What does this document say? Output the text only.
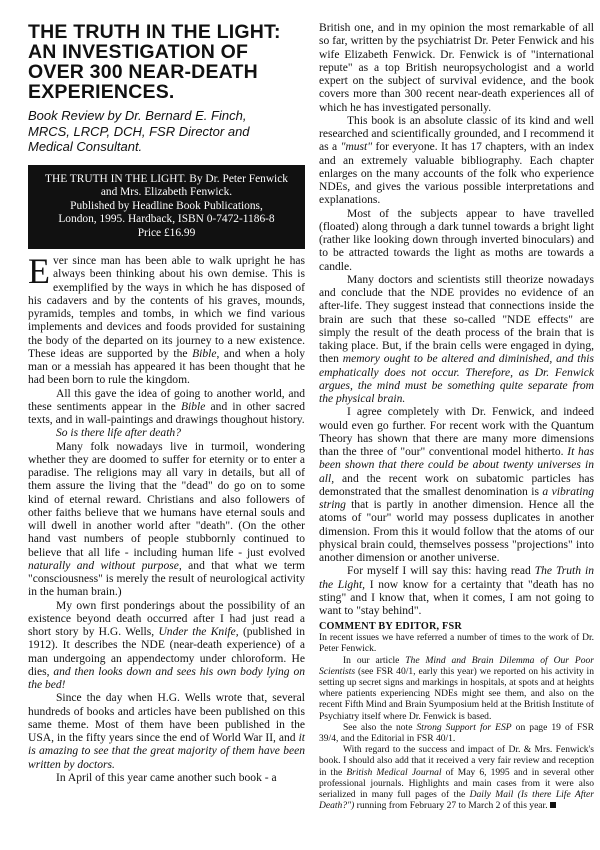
THE TRUTH IN THE LIGHT:
AN INVESTIGATION OF
OVER 300 NEAR-DEATH
EXPERIENCES.
Book Review by Dr. Bernard E. Finch,
MRCS, LRCP, DCH, FSR Director and
Medical Consultant.
THE TRUTH IN THE LIGHT. By Dr. Peter Fenwick
and Mrs. Elizabeth Fenwick.
Published by Headline Book Publications,
London, 1995. Hardback, ISBN 0-7472-1186-8
Price £16.99

Ever since man has been able to walk upright he has always been thinking about his own demise. This is exemplified by the ways in which he has disposed of his cadavers and by the contents of his graves, mounds, pyramids, temples and tombs, in which we find various implements and devices and foods provided for sustaining the body of the departed on its journey to a new existence. These ideas are supported by the Bible, and when a holy man or a messiah has appeared it has been thought that he had been born to rule the kingdom.

All this gave the idea of going to another world, and these sentiments appear in the Bible and in other sacred texts, and in wall-paintings and drawings thoughout history.

So is there life after death?

Many folk nowadays live in turmoil, wondering whether they are doomed to suffer for eternity or to enter a paradise. The religions may all vary in details, but all of them assure the living that the "dead" do go on to some kind of eternal reward. Christians and also followers of other faiths believe that we humans have eternal souls and will dwell in another world after "death". (On the other hand vast numbers of people stubbornly continued to believe that all life - including human life - just evolved naturally and without purpose, and that what we term "consciousness" is merely the result of neurological activity in the human brain.)

My own first ponderings about the possibility of an existence beyond death occurred after I had just read a short story by H.G. Wells, Under the Knife, (published in 1912). It describes the NDE (near-death experience) of a man undergoing an appendectomy under chloroform. He dies, and then looks down and sees his own body lying on the bed!

Since the day when H.G. Wells wrote that, several hundreds of books and articles have been published on this same theme. Most of them have been published in the USA, in the fifty years since the end of World War II, and it is amazing to see that the great majority of them have been written by doctors.

In April of this year came another such book - a

British one, and in my opinion the most remarkable of all so far, written by the psychiatrist Dr. Peter Fenwick and his wife Elizabeth Fenwick. Dr. Fenwick is of "international repute" as a top British neuropsychologist and a world expert on the subject of survival evidence, and the book covers more than 300 recent near-death experiences all of which he has investigated personally.

This book is an absolute classic of its kind and well researched and scientifically grounded, and I recommend it as a "must" for everyone. It has 17 chapters, with an index and an extremely valuable bibliography. Each chapter enlarges on the many accounts of the folk who experience NDEs, and gives the various possible interpretations and explanations.

Most of the subjects appear to have travelled (floated) along through a dark tunnel towards a bright light (rather like looking down through inverted binoculars) and to be attracted towards the light as moths are towards a candle.

Many doctors and scientists still theorize nowadays and conclude that the NDE provides no evidence of an after-life. They suggest instead that connections inside the brain are such that these so-called "NDE effects" are simply the result of the death process of the brain that is taking place. But, if the brain cells were engaged in dying, then memory ought to be altered and diminished, and this emphatically does not occur. Therefore, as Dr. Fenwick argues, the mind must be something quite separate from the physical brain.

I agree completely with Dr. Fenwick, and indeed would even go further. For recent work with the Quantum Theory has shown that there are many more dimensions than the three of "our" conventional model hitherto. It has been shown that there could be about twenty universes in all, and the recent work on subatomic particles has demonstrated that the smallest denomination is a vibrating string that is partly in another dimension. Hence all the atoms of "our" world may possess duplicates in another dimension. From this it would follow that the atoms of our physical brain could, themselves possess "projections" into another dimension or another universe.

For myself I will say this: having read The Truth in the Light, I now know for a certainty that "death has no sting" and I know that, when it comes, I am not going to want to "stay behind".

COMMENT BY EDITOR, FSR

In recent issues we have referred a number of times to the work of Dr. Peter Fenwick.

In our article The Mind and Brain Dilemma of Our Poor Scientists (see FSR 40/1, early this year) we reported on his activity in setting up secret signs and markings in hospitals, at spots and at heights where patients experiencing NDEs might see them, and also on the recent Fifth Mind and Brain Syumposium held at the British Institute of Psychiatry itself where Dr. Fenwick is based.

See also the note Strong Support for ESP on page 19 of FSR 39/4, and the Editorial in FSR 40/1.

With regard to the success and impact of Dr. & Mrs. Fenwick's book. I should also add that it received a very fair review and reception in the British Medical Journal of May 6, 1995 and in several other professional journals. Highlights and main cases from it were also serialized in many full pages of the Daily Mail (Is there Life After Death?") running from February 27 to March 2 of this year.
